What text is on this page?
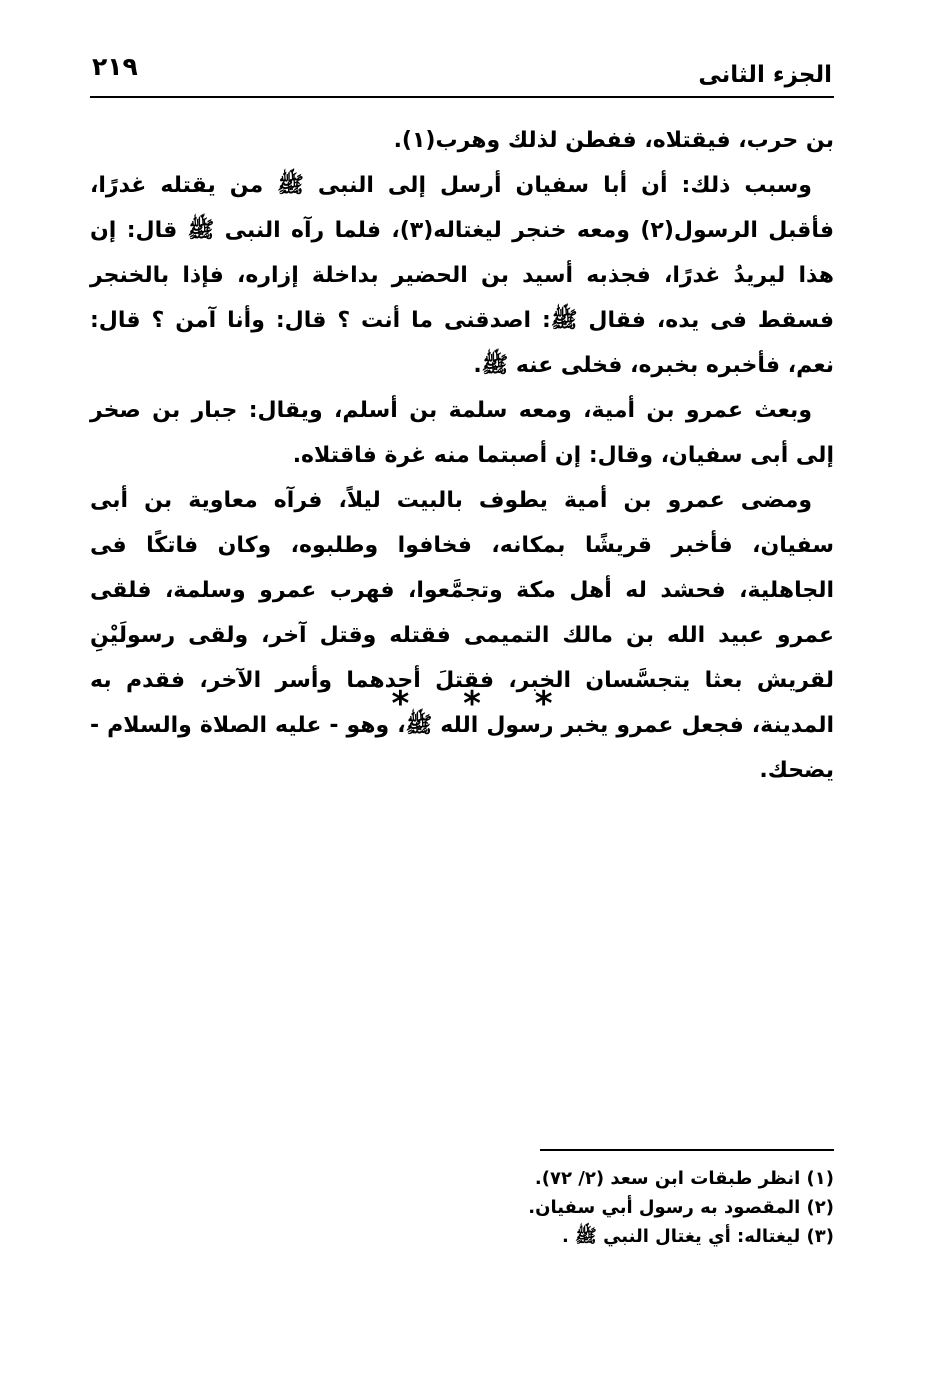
٢١٩	الجزء الثانى

بن حرب، فيقتلاه، ففطن لذلك وهرب(١).

وسبب ذلك: أن أبا سفيان أرسل إلى النبى ﷺ من يقتله غدرًا، فأقبل الرسول(٢) ومعه خنجر ليغتاله(٣)، فلما رآه النبى ﷺ قال: إن هذا ليريدُ غدرًا، فجذبه أسيد بن الحضير بداخلة إزاره، فإذا بالخنجر فسقط فى يده، فقال ﷺ: اصدقنى ما أنت ؟ قال: وأنا آمن ؟ قال: نعم، فأخبره بخبره، فخلى عنه ﷺ.

وبعث عمرو بن أمية، ومعه سلمة بن أسلم، ويقال: جبار بن صخر إلى أبى سفيان، وقال: إن أصبتما منه غرة فاقتلاه.

ومضى عمرو بن أمية يطوف بالبيت ليلاً، فرآه معاوية بن أبى سفيان، فأخبر قريشًا بمكانه، فخافوا وطلبوه، وكان فاتكًا فى الجاهلية، فحشد له أهل مكة وتجمَّعوا، فهرب عمرو وسلمة، فلقى عمرو عبيد الله بن مالك التميمى فقتله وقتل آخر، ولقى رسولَيْنِ لقريش بعثا يتجسَّسان الخبر، فقتلَ أحدهما وأسر الآخر، فقدم به المدينة، فجعل عمرو يخبر رسول الله ﷺ، وهو - عليه الصلاة والسلام - يضحك.

* * *

(١) انظر طبقات ابن سعد (٢/ ٧٢).

(٢) المقصود به رسول أبي سفيان.

(٣) ليغتاله: أي يغتال النبي ﷺ .
